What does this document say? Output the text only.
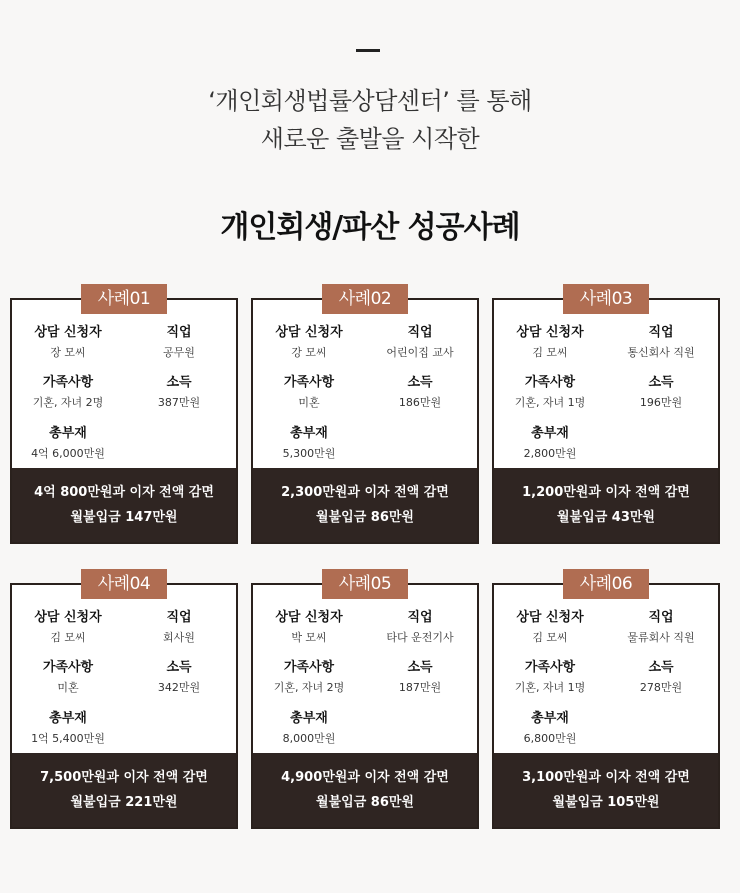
‘개인회생법률상담센터’ 를 통해
새로운 출발을 시작한
개인회생/파산 성공사례
사례01
상담 신청자
장 모씨
직업
공무원
가족사항
기혼, 자녀 2명
소득
387만원
총부재
4억 6,000만원
4억 800만원과 이자 전액 감면
월불입금 147만원
사례02
상담 신청자
강 모씨
직업
어린이집 교사
가족사항
미혼
소득
186만원
총부재
5,300만원
2,300만원과 이자 전액 감면
월불입금 86만원
사례03
상담 신청자
김 모씨
직업
통신회사 직원
가족사항
기혼, 자녀 1명
소득
196만원
총부재
2,800만원
1,200만원과 이자 전액 감면
월불입금 43만원
사례04
상담 신청자
김 모씨
직업
회사원
가족사항
미혼
소득
342만원
총부재
1억 5,400만원
7,500만원과 이자 전액 감면
월불입금 221만원
사례05
상담 신청자
박 모씨
직업
타다 운전기사
가족사항
기혼, 자녀 2명
소득
187만원
총부재
8,000만원
4,900만원과 이자 전액 감면
월불입금 86만원
사례06
상담 신청자
김 모씨
직업
물류회사 직원
가족사항
기혼, 자녀 1명
소득
278만원
총부재
6,800만원
3,100만원과 이자 전액 감면
월불입금 105만원
